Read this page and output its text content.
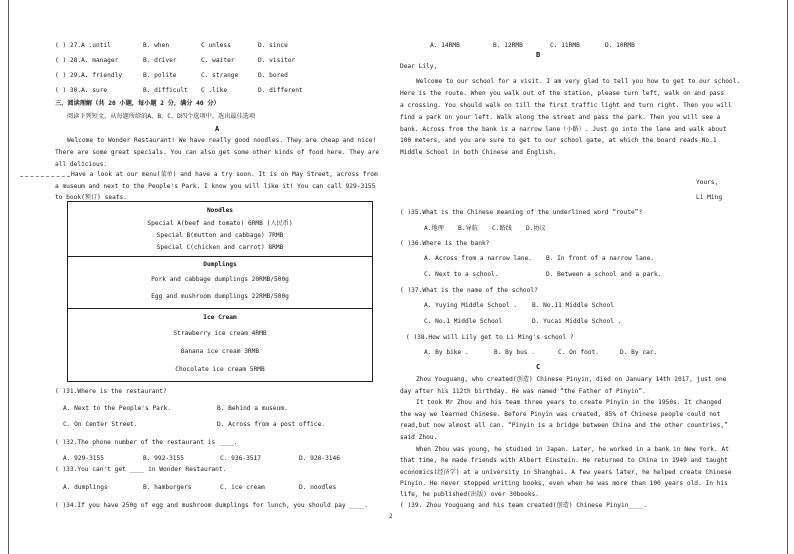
( ) 27.A .until	B. when	C unless	D. since
( ) 28.A. manager	B. driver	C. waiter	D. visitor
( ) 29.A. friendly	B. polite	C. strange	D. bored
( ) 30.A. sure	B. difficult C .like	D. different
三、阅读理解（共 20 小题，每小题 2 分，满分 40 分）
阅读下列短文，从每题所给的A、B、C、D四个选项中，选出最佳选项
A
Welcome to Wonder Restaurant! We have really good noodles. They are cheap and nice!
There are some great specials. You can also get some other kinds of food here. They are
all delicious.
Have a look at our menu(菜单) and have a try soon. It is on May Street, across from
a museum and next to the People's Park. I know you will like it! You can call 929-3155
to book(预订) seats.
Noodles
Special A(beef and tomato) 6RMB (人民币)
Special B(mutton and cabbage) 7RMB
Special C(chicken and carrot) 8RMB
Dumplings
Pork and cabbage dumplings 20RMB/500g
Egg and mushroom dumplings 22RMB/500g
Ice Cream
Strawberry ice cream 4RMB
Banana ice cream 3RMB
Chocolate ice cream 5RMB
( )31.Where is the restaurant?
A. Next to the People's Park.	B. Behind a museum.
C. On Center Street.	D. Across from a post office.
( )32.The phone number of the restaurant is ____.
A. 929-3155	B. 992-3155	C. 936-3517	D. 928-3146
( )33.You can't get ____ in Wonder Restaurant.
A. dumplings	B. hamburgers	C. ice cream	D. noodles
( )34.If you have 250g of egg and mushroom dumplings for lunch, you should pay ____.
A. 14RMB	B. 12RMB	C. 11RMB	D. 10RMB
B
Dear Lily,
Welcome to our school for a visit. I am very glad to tell you how to get to our school.
Here is the route. When you walk out of the station, please turn left, walk on and pass
a crossing. You should walk on till the first traffic light and turn right. Then you will
find a park on your left. Walk along the street and pass the park. Then you will see a
bank. Across from the bank is a narrow lane（小路）. Just go into the lane and walk about
100 meters, and you are sure to get to our school gate, at which the board reads No.1
Middle School in both Chinese and English.
Yours,
Li Ming
( )35.What is the Chinese meaning of the underlined word “route”?
A.地理 B.导航 C.路线 D.协议
( )36.Where is the bank?
A. Across from a narrow lane. B. In front of a narrow lane.
C. Next to a school.	D. Between a school and a park.
( )37.What is the name of the school?
A. Yuying Middle School . B. No.11 Middle School
C. No.1 Middle School	D. Yucai Middle School .
( )38.How will Lily get to Li Ming's school ?
A. By bike .	B. By bus .	C. On foot.	D. By car.
C
Zhou Youguang, who created(创造) Chinese Pinyin, died on January 14th 2017, just one
day after his 112th birthday. He was named “the Father of Pinyin”.
It took Mr Zhou and his team three years to create Pinyin in the 1950s. It changed
the way we learned Chinese. Before Pinyin was created, 85% of Chinese people could not
read,but now almost all can. “Pinyin is a bridge between China and the other countries,”
said Zhou.
When Zhou was young, he studied in Japan. Later, he worked in a bank in New York. At
that time, he made friends with Albert Einstein. He returned to China in 1949 and taught
economics(经济学) at a university in Shanghai. A few years later, he helped create Chinese
Pinyin. He never stopped writing books, even when he was more than 100 years old. In his
life, he published(出版) over 30books.
( )39. Zhou Youguang and his team created(创造) Chinese Pinyin____.
2
